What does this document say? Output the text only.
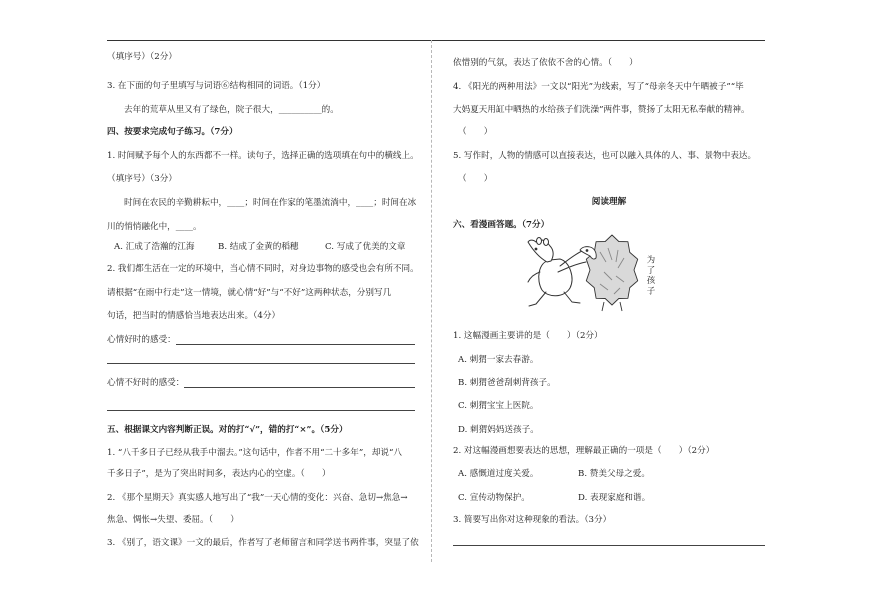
（填序号）（2分）
3. 在下面的句子里填写与词语⑥结构相同的词语。（1分）
去年的荒草从里又有了绿色，院子很大，__________的。
四、按要求完成句子练习。（7分）
1. 时间赋予每个人的东西都不一样。读句子，选择正确的选项填在句中的横线上。
（填序号）（3分）
时间在农民的辛勤耕耘中，____；时间在作家的笔墨流淌中，____；时间在冰
川的悄悄融化中，____。
A. 汇成了浩瀚的江海	B. 结成了金黄的稻穗	C. 写成了优美的文章
2. 我们都生活在一定的环境中，当心情不同时，对身边事物的感受也会有所不同。
请根据“在雨中行走”这一情境，就心情“好”与“不好”这两种状态，分别写几
句话，把当时的情感恰当地表达出来。（4分）
心情好时的感受：
心情不好时的感受：
五、根据课文内容判断正误。对的打“√”，错的打“×”。（5分）
1. “八千多日子已经从我手中溜去。”这句话中，作者不用“二十多年”，却说“八
千多日子”，是为了突出时间多，表达内心的空虚。（　　）
2. 《那个星期天》真实感人地写出了“我”一天心情的变化：兴奋、急切→焦急→
焦急、惆怅→失望、委屈。（　　）
3. 《别了，语文课》一文的最后，作者写了老师留言和同学送书两件事，突显了依
依惜别的气氛，表达了依依不舍的心情。（　　）
4. 《阳光的两种用法》一文以“阳光”为线索，写了“母亲冬天中午晒被子”“毕
大妈夏天用缸中晒热的水给孩子们洗澡”两件事，赞扬了太阳无私奉献的精神。
（　　）
5. 写作时，人物的情感可以直接表达，也可以融入具体的人、事、景物中表达。
（　　）
阅读理解
六、看漫画答题。（7分）
为了孩子
1. 这幅漫画主要讲的是（　　）（2分）
A. 刺猬一家去春游。
B. 刺猬爸爸刮刺背孩子。
C. 刺猬宝宝上医院。
D. 刺猬妈妈送孩子。
2. 对这幅漫画想要表达的思想，理解最正确的一项是（　　）（2分）
A. 感慨道过度关爱。	B. 赞美父母之爱。
C. 宣传动物保护。	D. 表现家庭和谐。
3. 简要写出你对这种现象的看法。（3分）
